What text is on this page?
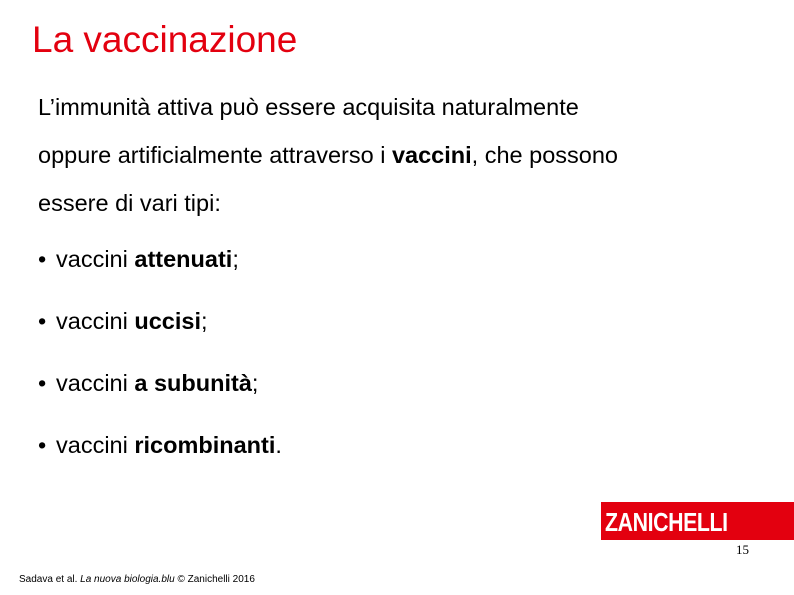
La vaccinazione
L’immunità attiva può essere acquisita naturalmente
oppure artificialmente attraverso i vaccini, che possono
essere di vari tipi:
• vaccini attenuati;
• vaccini uccisi;
• vaccini a subunità;
• vaccini ricombinanti.
ZANICHELLI
15
Sadava et al. La nuova biologia.blu © Zanichelli 2016
